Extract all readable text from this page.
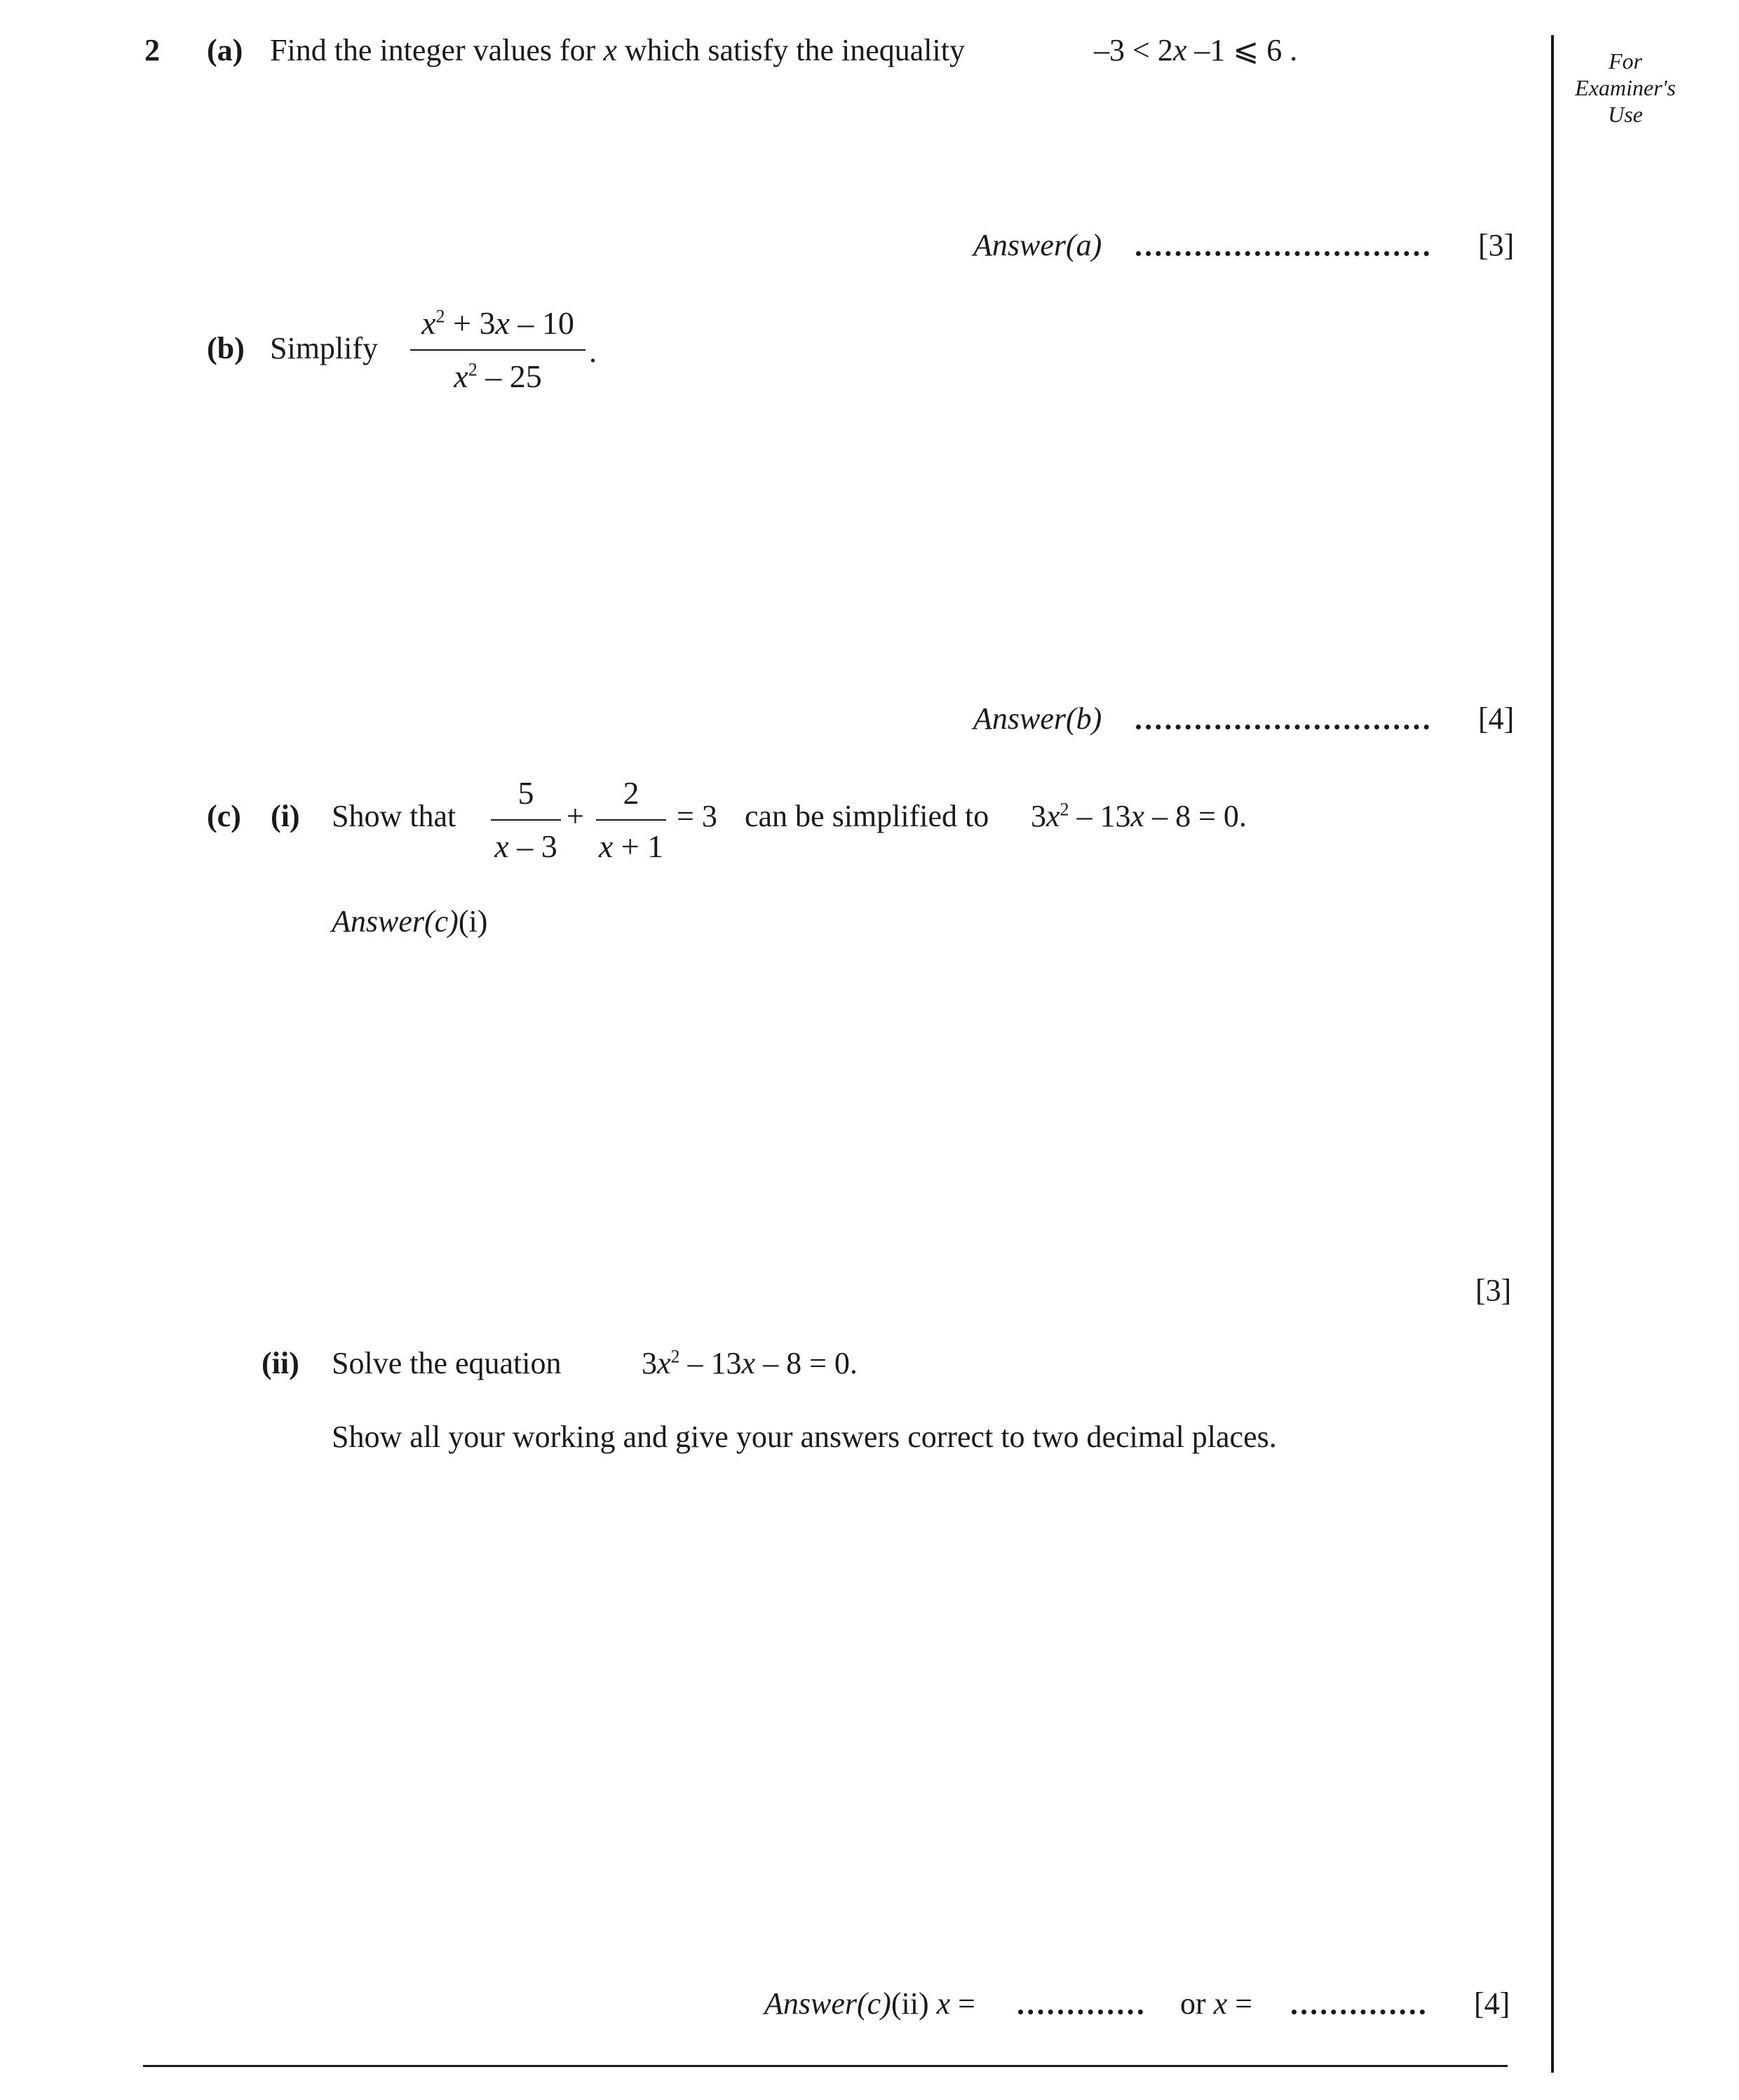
2 (a) Find the integer values for x which satisfy the inequality	–3 < 2x –1 ⩽ 6 .
Answer(a)	[3]
(b) Simplify
$x^2 + 3x - 10$
$x^2 - 25$
.
Answer(b)	[4]
(c) (i) Show that
5
x – 3
+
2
x + 1
= 3 can be simplified to $3x^2 - 13x - 8 = 0$.
Answer(c)(i)
[3]
(ii) Solve the equation	$3x^2 - 13x - 8 = 0$.
Show all your working and give your answers correct to two decimal places.
Answer(c)(ii) x =	or x =	[4]
For
Examiner's
Use
